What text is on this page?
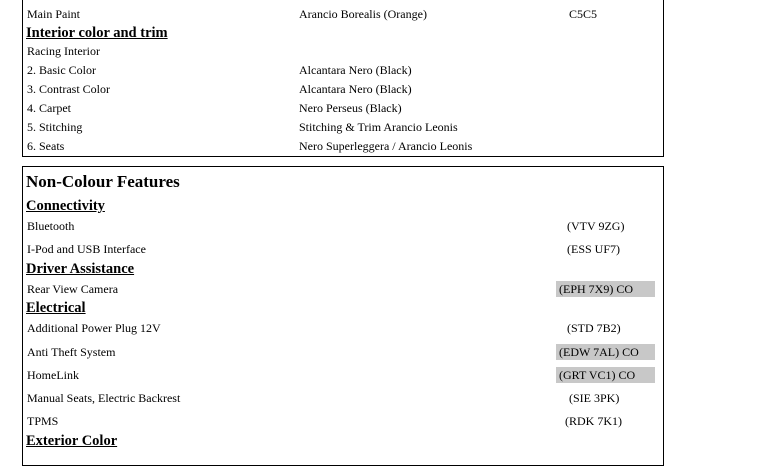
Main Paint	Arancio Borealis (Orange)	C5C5
Interior color and trim
Racing Interior
2. Basic Color	Alcantara Nero (Black)
3. Contrast Color	Alcantara Nero (Black)
4. Carpet	Nero Perseus (Black)
5. Stitching	Stitching & Trim Arancio Leonis
6. Seats	Nero Superleggera / Arancio Leonis
Non-Colour Features
Connectivity
Bluetooth	(VTV 9ZG)
I-Pod and USB Interface	(ESS UF7)
Driver Assistance
Rear View Camera	(EPH 7X9) CO
Electrical
Additional Power Plug 12V	(STD 7B2)
Anti Theft System	(EDW 7AL) CO
HomeLink	(GRT VC1) CO
Manual Seats, Electric Backrest	(SIE 3PK)
TPMS	(RDK 7K1)
Exterior Color
